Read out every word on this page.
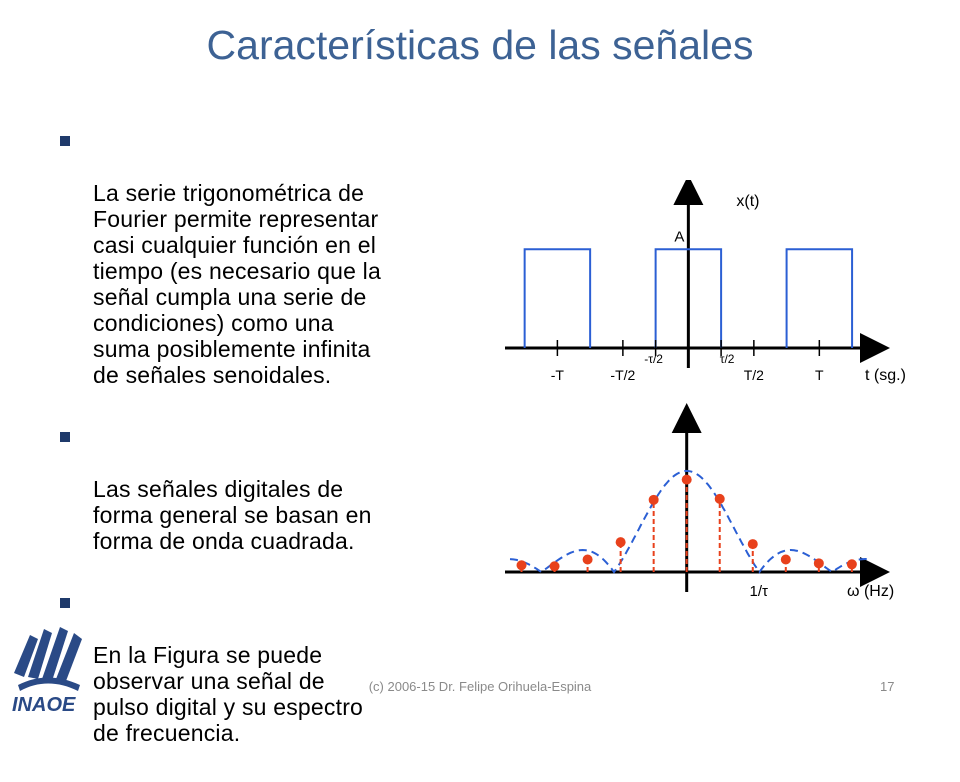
Características de las señales

La serie trigonométrica de
Fourier permite representar
casi cualquier función en el
tiempo (es necesario que la
señal cumpla una serie de
condiciones) como una
suma posiblemente infinita
de señales senoidales.

Las señales digitales de
forma general se basan en
forma de onda cuadrada.

En la Figura se puede
observar una señal de
pulso digital y su espectro
de frecuencia.

-T	-T/2
-τ/2	τ/2
T/2	T
A
x(t)
t (sg.)
1/τ	ω (Hz)
INAOE
(c) 2006-15 Dr. Felipe Orihuela-Espina	17
